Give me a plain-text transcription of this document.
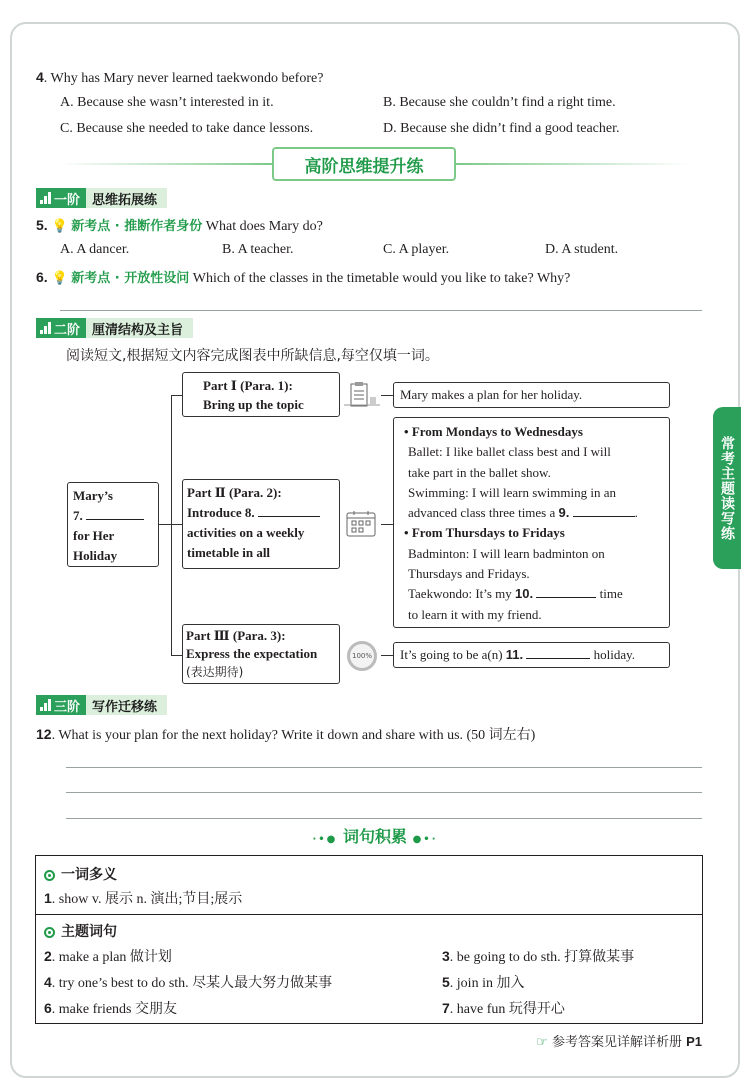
4. Why has Mary never learned taekwondo before?
A. Because she wasn’t interested in it.	B. Because she couldn’t find a right time.
C. Because she needed to take dance lessons.	D. Because she didn’t find a good teacher.
高阶思维提升练
一阶 思维拓展练
5. 💡 新考点 · 推断作者身份 What does Mary do?
A. A dancer.	B. A teacher.	C. A player.	D. A student.
6. 💡 新考点 · 开放性设问 Which of the classes in the timetable would you like to take? Why?
二阶 厘清结构及主旨
阅读短文,根据短文内容完成图表中所缺信息,每空仅填一词。
Mary’s
7.
for Her
Holiday
Part Ⅰ (Para. 1):
Bring up the topic
Part Ⅱ (Para. 2):
Introduce 8.
activities on a weekly
timetable in all
Part Ⅲ (Para. 3):
Express the expectation
(表达期待)
100%
Mary makes a plan for her holiday.
• From Mondays to Wednesdays
Ballet: I like ballet class best and I will
take part in the ballet show.
Swimming: I will learn swimming in an
advanced class three times a 9.	.
• From Thursdays to Fridays
Badminton: I will learn badminton on
Thursdays and Fridays.
Taekwondo: It’s my 10.	time
to learn it with my friend.
It’s going to be a(n) 11.	holiday.
常考主题读写练
三阶 写作迁移练
12. What is your plan for the next holiday? Write it down and share with us. (50 词左右)
·•● 词句积累 ●•·
一词多义
1. show v. 展示 n. 演出;节目;展示
主题词句
2. make a plan 做计划	3. be going to do sth. 打算做某事
4. try one’s best to do sth. 尽某人最大努力做某事	5. join in 加入
6. make friends 交朋友	7. have fun 玩得开心
☞ 参考答案见详解详析册 P1
